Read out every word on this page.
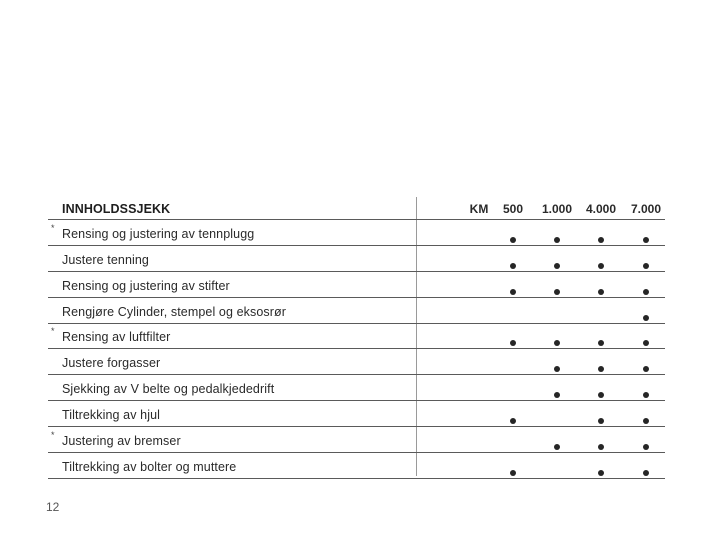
INNHOLDSSJEKK	KM 500 1.000 4.000 7.000
* Rensing og justering av tennplugg
Justere tenning
Rensing og justering av stifter
Rengjøre Cylinder, stempel og eksosrør
* Rensing av luftfilter
Justere forgasser
Sjekking av V belte og pedalkjededrift
Tiltrekking av hjul
* Justering av bremser
Tiltrekking av bolter og muttere
12
